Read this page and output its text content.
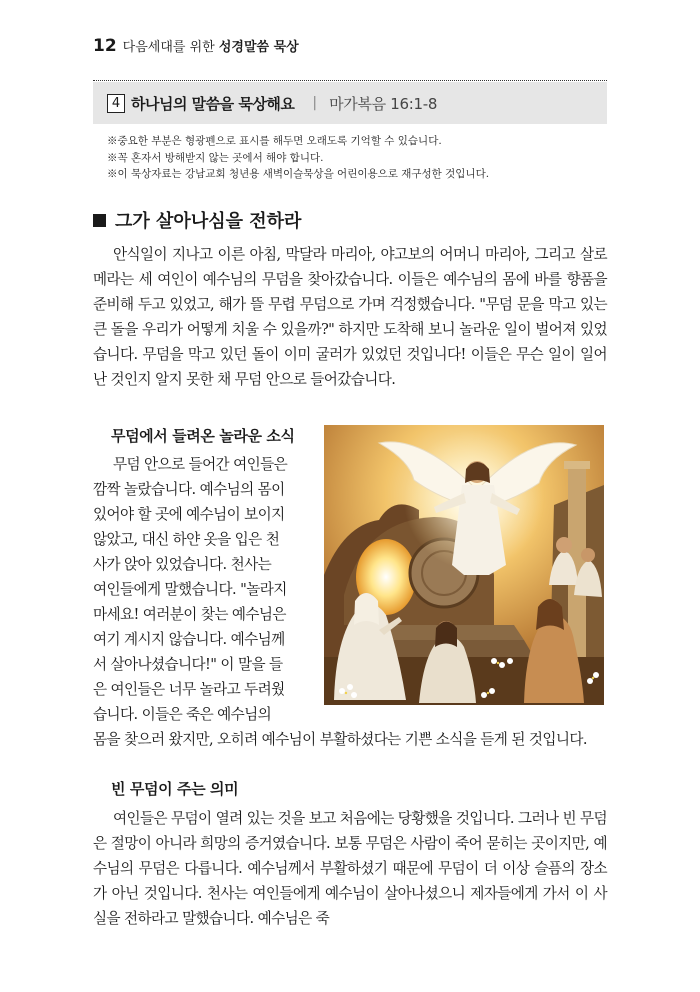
12 다음세대를 위한 성경말씀 묵상
4 하나님의 말씀을 묵상해요 | 마가복음 16:1-8
※중요한 부분은 형광펜으로 표시를 해두면 오래도록 기억할 수 있습니다.
※꼭 혼자서 방해받지 않는 곳에서 해야 합니다.
※이 묵상자료는 강남교회 청년용 새벽이슬묵상을 어린이용으로 재구성한 것입니다.
그가 살아나심을 전하라

안식일이 지나고 이른 아침, 막달라 마리아, 야고보의 어머니 마리아, 그리고 살로메라는 세 여인이 예수님의 무덤을 찾아갔습니다. 이들은 예수님의 몸에 바를 향품을 준비해 두고 있었고, 해가 뜰 무렵 무덤으로 가며 걱정했습니다. "무덤 문을 막고 있는 큰 돌을 우리가 어떻게 치울 수 있을까?" 하지만 도착해 보니 놀라운 일이 벌어져 있었습니다. 무덤을 막고 있던 돌이 이미 굴러가 있었던 것입니다! 이들은 무슨 일이 일어난 것인지 알지 못한 채 무덤 안으로 들어갔습니다.

무덤에서 들려온 놀라운 소식
무덤 안으로 들어간 여인들은
깜짝 놀랐습니다. 예수님의 몸이
있어야 할 곳에 예수님이 보이지
않았고, 대신 하얀 옷을 입은 천
사가 앉아 있었습니다. 천사는
여인들에게 말했습니다. "놀라지
마세요! 여러분이 찾는 예수님은
여기 계시지 않습니다. 예수님께
서 살아나셨습니다!" 이 말을 들
은 여인들은 너무 놀라고 두려웠
습니다. 이들은 죽은 예수님의

몸을 찾으러 왔지만, 오히려 예수님이 부활하셨다는 기쁜 소식을 듣게 된 것입니다.

빈 무덤이 주는 의미

여인들은 무덤이 열려 있는 것을 보고 처음에는 당황했을 것입니다. 그러나 빈 무덤은 절망이 아니라 희망의 증거였습니다. 보통 무덤은 사람이 죽어 묻히는 곳이지만, 예수님의 무덤은 다릅니다. 예수님께서 부활하셨기 때문에 무덤이 더 이상 슬픔의 장소가 아닌 것입니다. 천사는 여인들에게 예수님이 살아나셨으니 제자들에게 가서 이 사실을 전하라고 말했습니다. 예수님은 죽
